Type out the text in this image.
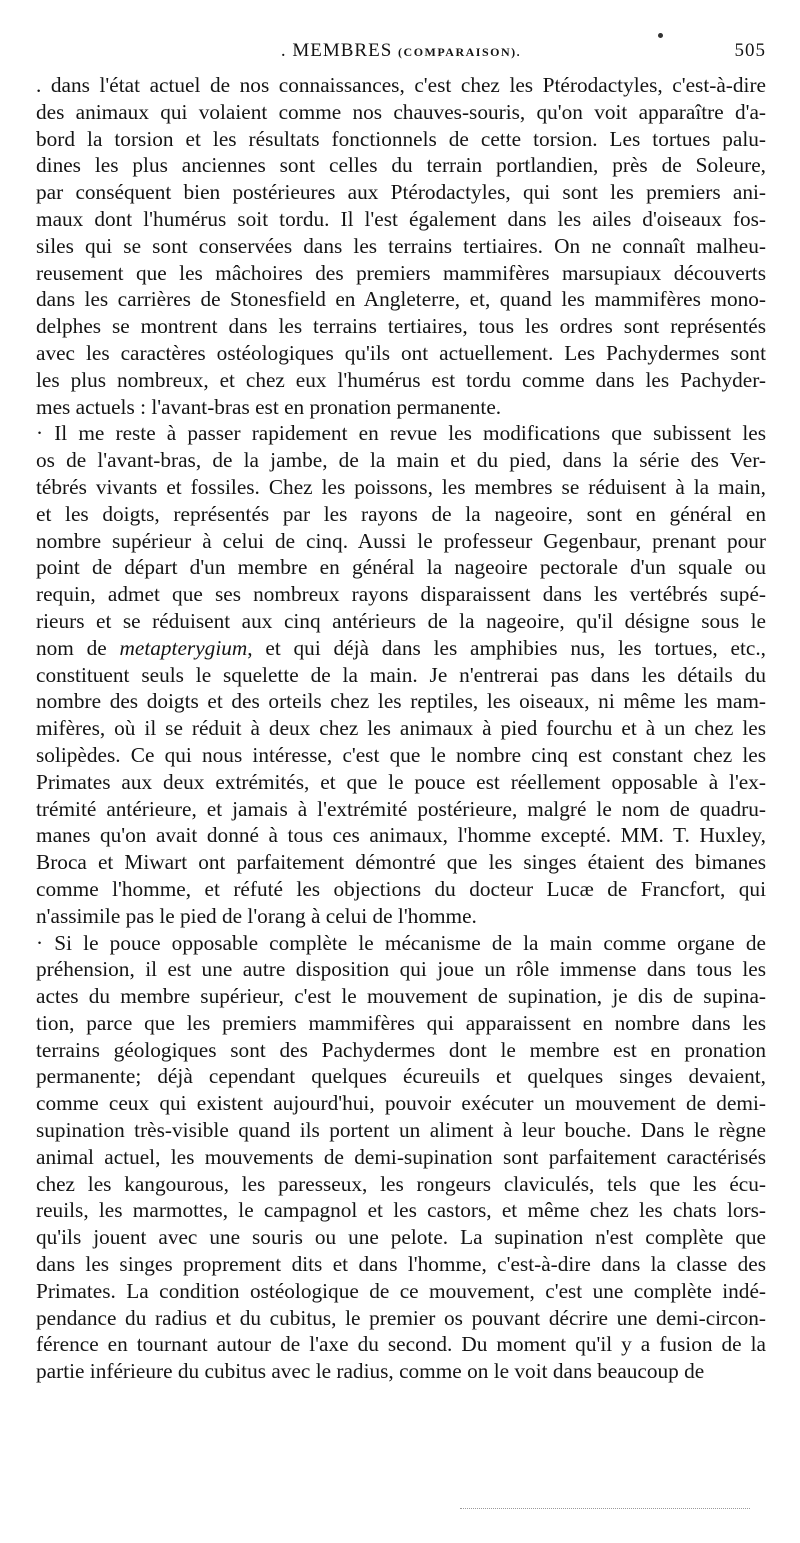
. MEMBRES (COMPARAISON).	505
. dans l'état actuel de nos connaissances, c'est chez les Ptérodactyles, c'est-à-dire
des animaux qui volaient comme nos chauves-souris, qu'on voit apparaître d'a-
bord la torsion et les résultats fonctionnels de cette torsion. Les tortues palu-
dines les plus anciennes sont celles du terrain portlandien, près de Soleure,
par conséquent bien postérieures aux Ptérodactyles, qui sont les premiers ani-
maux dont l'humérus soit tordu. Il l'est également dans les ailes d'oiseaux fos-
siles qui se sont conservées dans les terrains tertiaires. On ne connaît malheu-
reusement que les mâchoires des premiers mammifères marsupiaux découverts
dans les carrières de Stonesfield en Angleterre, et, quand les mammifères mono-
delphes se montrent dans les terrains tertiaires, tous les ordres sont représentés
avec les caractères ostéologiques qu'ils ont actuellement. Les Pachydermes sont
les plus nombreux, et chez eux l'humérus est tordu comme dans les Pachyder-
mes actuels : l'avant-bras est en pronation permanente.
· Il me reste à passer rapidement en revue les modifications que subissent les
os de l'avant-bras, de la jambe, de la main et du pied, dans la série des Ver-
tébrés vivants et fossiles. Chez les poissons, les membres se réduisent à la main,
et les doigts, représentés par les rayons de la nageoire, sont en général en
nombre supérieur à celui de cinq. Aussi le professeur Gegenbaur, prenant pour
point de départ d'un membre en général la nageoire pectorale d'un squale ou
requin, admet que ses nombreux rayons disparaissent dans les vertébrés supé-
rieurs et se réduisent aux cinq antérieurs de la nageoire, qu'il désigne sous le
nom de metapterygium, et qui déjà dans les amphibies nus, les tortues, etc.,
constituent seuls le squelette de la main. Je n'entrerai pas dans les détails du
nombre des doigts et des orteils chez les reptiles, les oiseaux, ni même les mam-
mifères, où il se réduit à deux chez les animaux à pied fourchu et à un chez les
solipèdes. Ce qui nous intéresse, c'est que le nombre cinq est constant chez les
Primates aux deux extrémités, et que le pouce est réellement opposable à l'ex-
trémité antérieure, et jamais à l'extrémité postérieure, malgré le nom de quadru-
manes qu'on avait donné à tous ces animaux, l'homme excepté. MM. T. Huxley,
Broca et Miwart ont parfaitement démontré que les singes étaient des bimanes
comme l'homme, et réfuté les objections du docteur Lucæ de Francfort, qui
n'assimile pas le pied de l'orang à celui de l'homme.
· Si le pouce opposable complète le mécanisme de la main comme organe de
préhension, il est une autre disposition qui joue un rôle immense dans tous les
actes du membre supérieur, c'est le mouvement de supination, je dis de supina-
tion, parce que les premiers mammifères qui apparaissent en nombre dans les
terrains géologiques sont des Pachydermes dont le membre est en pronation
permanente; déjà cependant quelques écureuils et quelques singes devaient,
comme ceux qui existent aujourd'hui, pouvoir exécuter un mouvement de demi-
supination très-visible quand ils portent un aliment à leur bouche. Dans le règne
animal actuel, les mouvements de demi-supination sont parfaitement caractérisés
chez les kangourous, les paresseux, les rongeurs claviculés, tels que les écu-
reuils, les marmottes, le campagnol et les castors, et même chez les chats lors-
qu'ils jouent avec une souris ou une pelote. La supination n'est complète que
dans les singes proprement dits et dans l'homme, c'est-à-dire dans la classe des
Primates. La condition ostéologique de ce mouvement, c'est une complète indé-
pendance du radius et du cubitus, le premier os pouvant décrire une demi-circon-
férence en tournant autour de l'axe du second. Du moment qu'il y a fusion de la
partie inférieure du cubitus avec le radius, comme on le voit dans beaucoup de
